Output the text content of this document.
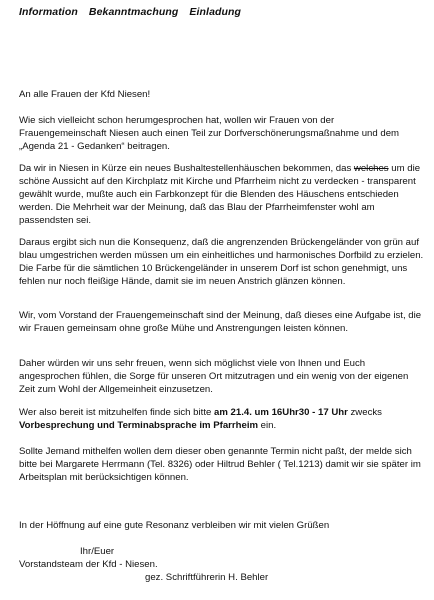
Information Bekanntmachung Einladung

An alle Frauen der Kfd Niesen!

Wie sich vielleicht schon herumgesprochen hat, wollen wir Frauen von der Frauengemeinschaft Niesen auch einen Teil zur Dorfverschönerungsmaßnahme und dem „Agenda 21 - Gedanken“ beitragen.

Da wir in Niesen in Kürze ein neues Bushaltestellenhäuschen bekommen, das welches um die schöne Aussicht auf den Kirchplatz mit Kirche und Pfarrheim nicht zu verdecken - transparent gewählt wurde, mußte auch ein Farbkonzept für die Blenden des Häuschens entschieden werden. Die Mehrheit war der Meinung, daß das Blau der Pfarrheimfenster wohl am passendsten sei.

Daraus ergibt sich nun die Konsequenz, daß die angrenzenden Brückengeländer von grün auf blau umgestrichen werden müssen um ein einheitliches und harmonisches Dorfbild zu erzielen. Die Farbe für die sämtlichen 10 Brückengeländer in unserem Dorf ist schon genehmigt, uns fehlen nur noch fleißige Hände, damit sie im neuen Anstrich glänzen können.

Wir, vom Vorstand der Frauengemeinschaft sind der Meinung, daß dieses eine Aufgabe ist, die wir Frauen gemeinsam ohne große Mühe und Anstrengungen leisten können.

Daher würden wir uns sehr freuen, wenn sich möglichst viele von Ihnen und Euch angesprochen fühlen, die Sorge für unseren Ort mitzutragen und ein wenig von der eigenen Zeit zum Wohl der Allgemeinheit einzusetzen.

Wer also bereit ist mitzuhelfen finde sich bitte am 21.4. um 16Uhr30 - 17 Uhr zwecks Vorbesprechung und Terminabsprache im Pfarrheim ein.

Sollte Jemand mithelfen wollen dem dieser oben genannte Termin nicht paßt, der melde sich bitte bei Margarete Herrmann (Tel. 8326) oder Hiltrud Behler ( Tel.1213) damit wir sie später im Arbeitsplan mit berücksichtigen können.

In der Höffnung auf eine gute Resonanz verbleiben wir mit vielen Grüßen

Ihr/Euer
Vorstandsteam der Kfd - Niesen.
gez. Schriftführerin H. Behler
